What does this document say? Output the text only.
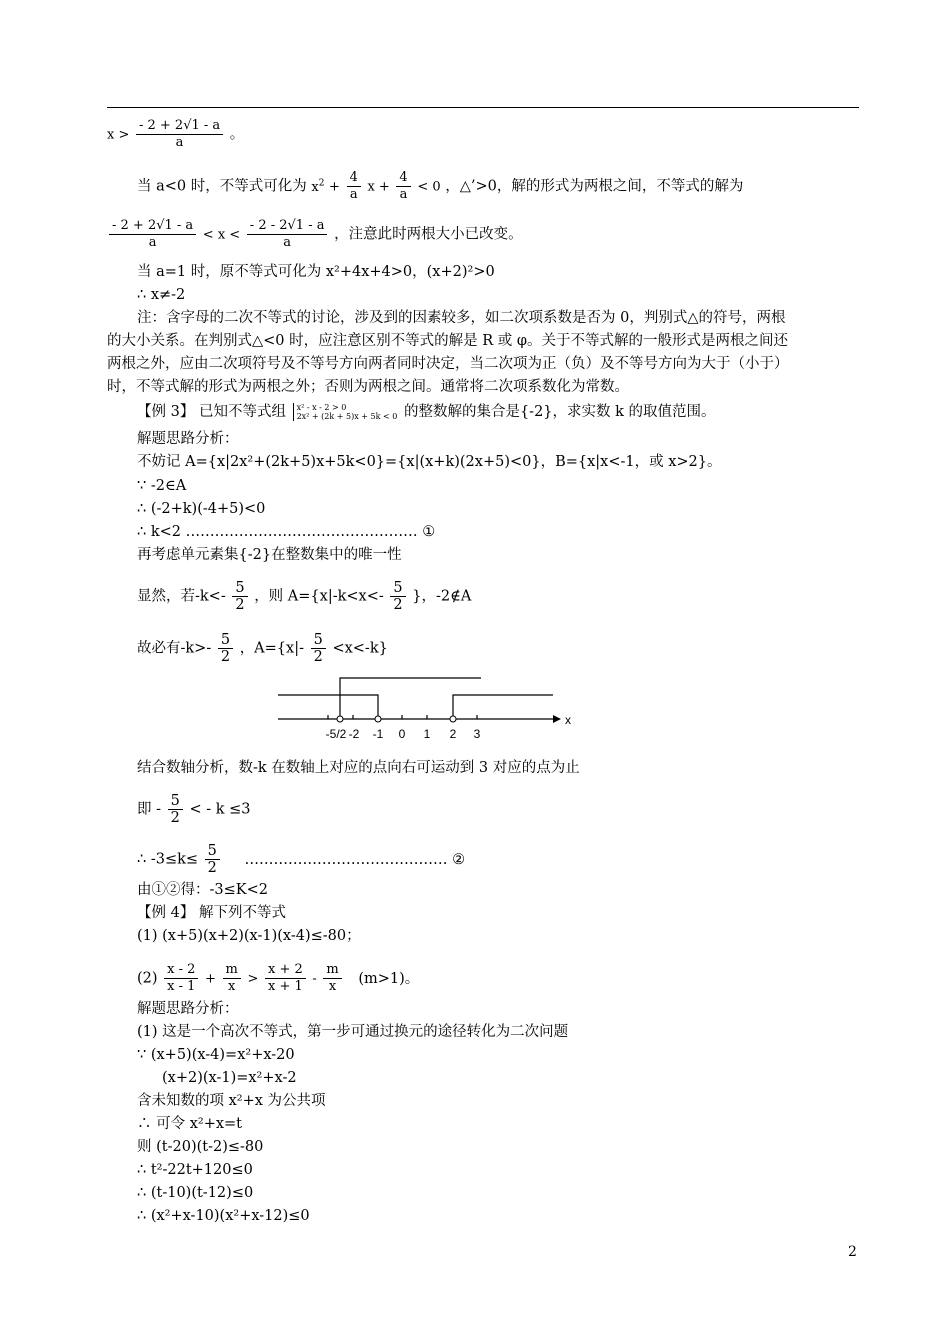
$x > \frac{- 2 + 2√1 - a}{a}$ 。
当 a<0 时，不等式可化为 $x^2 + \frac{4}{a}$ $x + \frac{4}{a} < 0$ ，△’>0，解的形式为两根之间，不等式的解为
$\frac{- 2 + 2√1 - a}{a} < x < \frac{- 2 - 2√1 - a}{a}$ ，注意此时两根大小已改变。
当 a=1 时，原不等式可化为 x²+4x+4>0，(x+2)²>0
∴ x≠-2
注：含字母的二次不等式的讨论，涉及到的因素较多，如二次项系数是否为 0，判别式△的符号，两根
的大小关系。在判别式△<0 时，应注意区别不等式的解是 R 或 φ。关于不等式解的一般形式是两根之间还
两根之外，应由二次项符号及不等号方向两者同时决定，当二次项为正（负）及不等号方向为大于（小于）
时，不等式解的形式为两根之外；否则为两根之间。通常将二次项系数化为常数。
【例 3】 已知不等式组 x² - x - 2 > 0
2x² + (2k + 5)x + 5k < 0 的整数解的集合是{-2}，求实数 k 的取值范围。
解题思路分析：
不妨记 A={x|2x²+(2k+5)x+5k<0}={x|(x+k)(2x+5)<0}，B={x|x<-1，或 x>2}。
∵ -2∈A
∴ (-2+k)(-4+5)<0
∴ k<2 ………………………………………… ①
再考虑单元素集{-2}在整数集中的唯一性
显然，若$-k<- \frac{5}{2}$ ，则 $A=\{x|-k<x<- \frac{5}{2}$ }，-2∉A
故必有$-k>- \frac{5}{2}$ ，$A=\{x|- \frac{5}{2} <x<-k\}$
x
-5/2 -2 -1 0 1 2 3
结合数轴分析，数-k 在数轴上对应的点向右可运动到 3 对应的点为止
即 - $\frac{5}{2}$ < - k ≤3
∴ $-3\le k\le \frac{5}{2}$ …………………………………… ②
由①②得：-3≤K<2
【例 4】 解下列不等式
(1) (x+5)(x+2)(x-1)(x-4)≤-80；
$(2) \frac{x - 2}{x - 1} + \frac{m}{x} > \frac{x + 2}{x + 1} - \frac{m}{x} (m>1)$。
解题思路分析：
(1) 这是一个高次不等式，第一步可通过换元的途径转化为二次问题
∵ (x+5)(x-4)=x²+x-20
(x+2)(x-1)=x²+x-2
含未知数的项 x²+x 为公共项
∴ 可令 x²+x=t
则 (t-20)(t-2)≤-80
∴ t²-22t+120≤0
∴ (t-10)(t-12)≤0
∴ (x²+x-10)(x²+x-12)≤0
2
